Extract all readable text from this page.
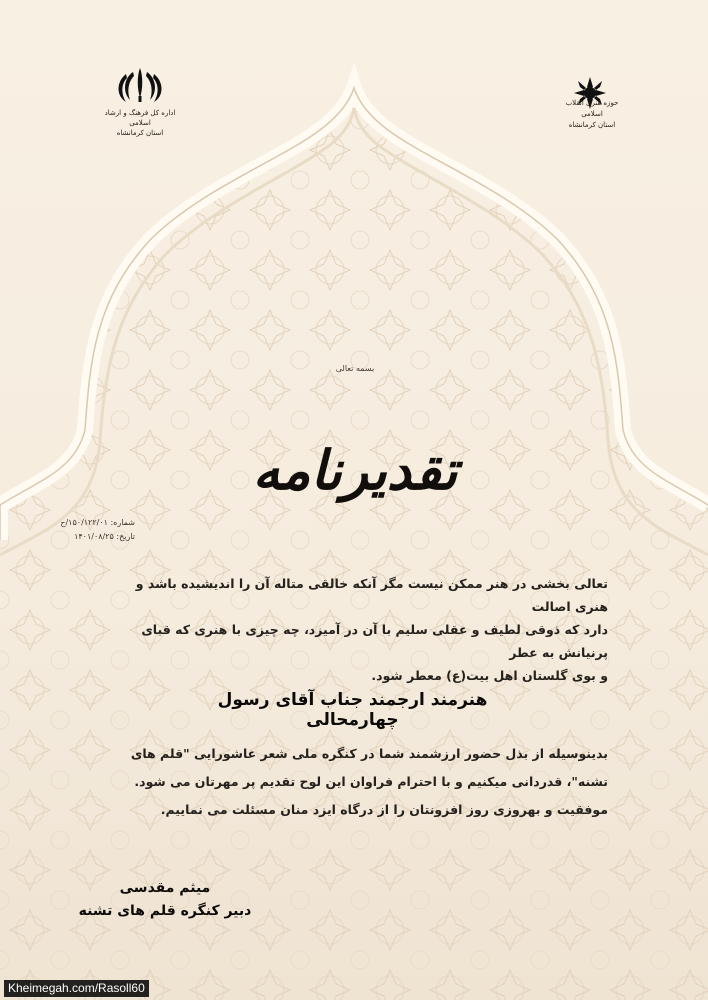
اداره کل فرهنگ و ارشاد اسلامی
استان کرمانشاه
حوزه هنری انقلاب اسلامی
استان کرمانشاه
بسمه تعالی
تقدیرنامه
شماره: ۱۵۰/۱۲۲/۰۱/ح
تاریخ: ۱۴۰۱/۰۸/۲۵
تعالی بخشی در هنر ممکن نیست مگر آنکه خالقی متاله آن را اندیشیده باشد و هنری اصالت
دارد که ذوقی لطیف و عقلی سلیم با آن در آمیزد، چه چیزی با هنری که قبای پرنیانش به عطر
و بوی گلستان اهل بیت(ع) معطر شود.
هنرمند ارجمند جناب آقای رسول چهارمحالی
بدینوسیله از بذل حضور ارزشمند شما در کنگره ملی شعر عاشورایی "قلم های
تشنه"، قدردانی میکنیم و با احترام فراوان این لوح تقدیم پر مهرتان می شود.
موفقیت و بهروزی روز افزونتان را از درگاه ایزد منان مسئلت می نماییم.
میثم مقدسی
دبیر کنگره قلم های تشنه
Kheimegah.com/Rasoll60
